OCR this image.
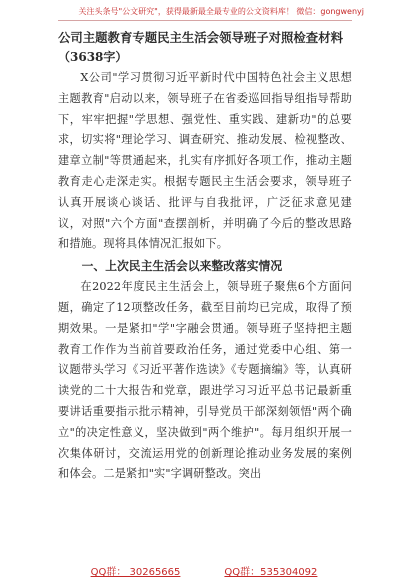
关注头条号"公文研究"，获得最新最全最专业的公文资料库！ 微信：gongwenyj

公司主题教育专题民主生活会领导班子对照检查材料

（3638字）

X公司"学习贯彻习近平新时代中国特色社会主义思想主题教育"启动以来，领导班子在省委巡回指导组指导帮助下，牢牢把握"学思想、强党性、重实践、建新功"的总要求，切实将"理论学习、调查研究、推动发展、检视整改、建章立制"等贯通起来，扎实有序抓好各项工作，推动主题教育走心走深走实。根据专题民主生活会要求，领导班子认真开展谈心谈话、批评与自我批评，广泛征求意见建议，对照"六个方面"查摆剖析，并明确了今后的整改思路和措施。现将具体情况汇报如下。

一、上次民主生活会以来整改落实情况

在2022年度民主生活会上，领导班子聚焦6个方面问题，确定了12项整改任务，截至目前均已完成，取得了预期效果。一是紧扣"学"字融会贯通。领导班子坚持把主题教育工作作为当前首要政治任务，通过党委中心组、第一议题带头学习《习近平著作选读》《专题摘编》等，认真研读党的二十大报告和党章，跟进学习习近平总书记最新重要讲话重要指示批示精神，引导党员干部深刻领悟"两个确立"的决定性意义，坚决做到"两个维护"。每月组织开展一次集体研讨，交流运用党的创新理论推动业务发展的案例和体会。二是紧扣"实"字调研整改。突出

QQ群： 30265665	QQ群：535304092
